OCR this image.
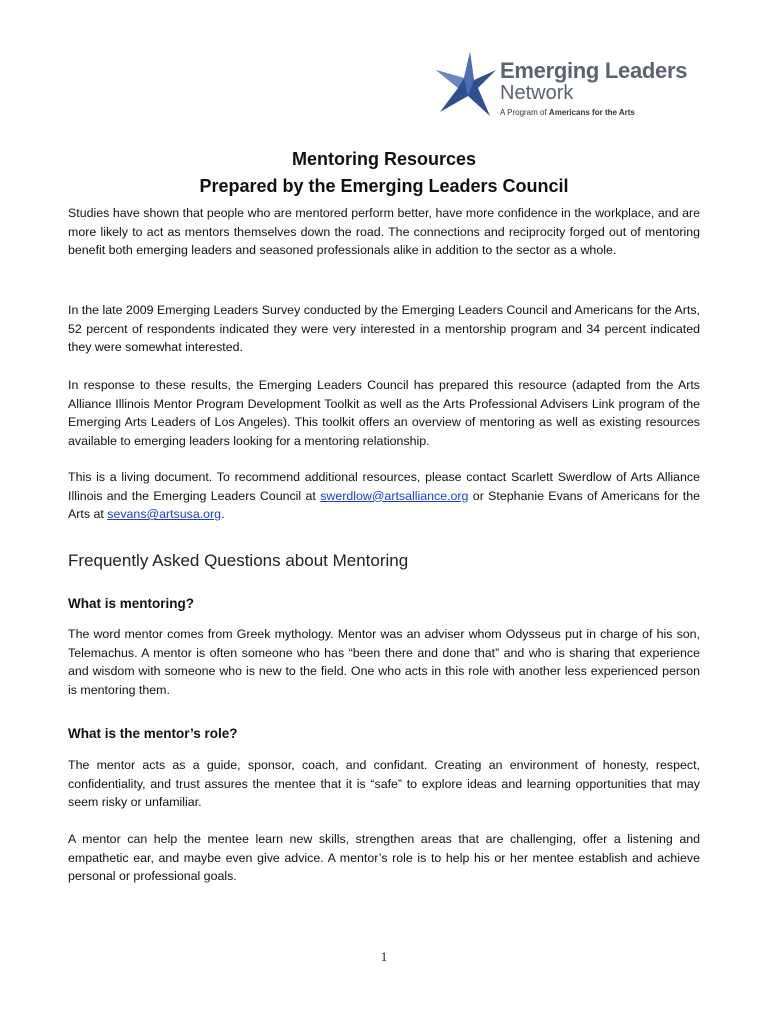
Emerging Leaders
Network
A Program of Americans for the Arts
Mentoring Resources
Prepared by the Emerging Leaders Council

Studies have shown that people who are mentored perform better, have more confidence in the workplace, and are more likely to act as mentors themselves down the road. The connections and reciprocity forged out of mentoring benefit both emerging leaders and seasoned professionals alike in addition to the sector as a whole.

In the late 2009 Emerging Leaders Survey conducted by the Emerging Leaders Council and Americans for the Arts, 52 percent of respondents indicated they were very interested in a mentorship program and 34 percent indicated they were somewhat interested.

In response to these results, the Emerging Leaders Council has prepared this resource (adapted from the Arts Alliance Illinois Mentor Program Development Toolkit as well as the Arts Professional Advisers Link program of the Emerging Arts Leaders of Los Angeles). This toolkit offers an overview of mentoring as well as existing resources available to emerging leaders looking for a mentoring relationship.

This is a living document. To recommend additional resources, please contact Scarlett Swerdlow of Arts Alliance Illinois and the Emerging Leaders Council at swerdlow@artsalliance.org or Stephanie Evans of Americans for the Arts at sevans@artsusa.org.

Frequently Asked Questions about Mentoring
What is mentoring?

The word mentor comes from Greek mythology. Mentor was an adviser whom Odysseus put in charge of his son, Telemachus. A mentor is often someone who has “been there and done that” and who is sharing that experience and wisdom with someone who is new to the field. One who acts in this role with another less experienced person is mentoring them.

What is the mentor’s role?

The mentor acts as a guide, sponsor, coach, and confidant. Creating an environment of honesty, respect, confidentiality, and trust assures the mentee that it is “safe” to explore ideas and learning opportunities that may seem risky or unfamiliar.

A mentor can help the mentee learn new skills, strengthen areas that are challenging, offer a listening and empathetic ear, and maybe even give advice. A mentor’s role is to help his or her mentee establish and achieve personal or professional goals.

1
